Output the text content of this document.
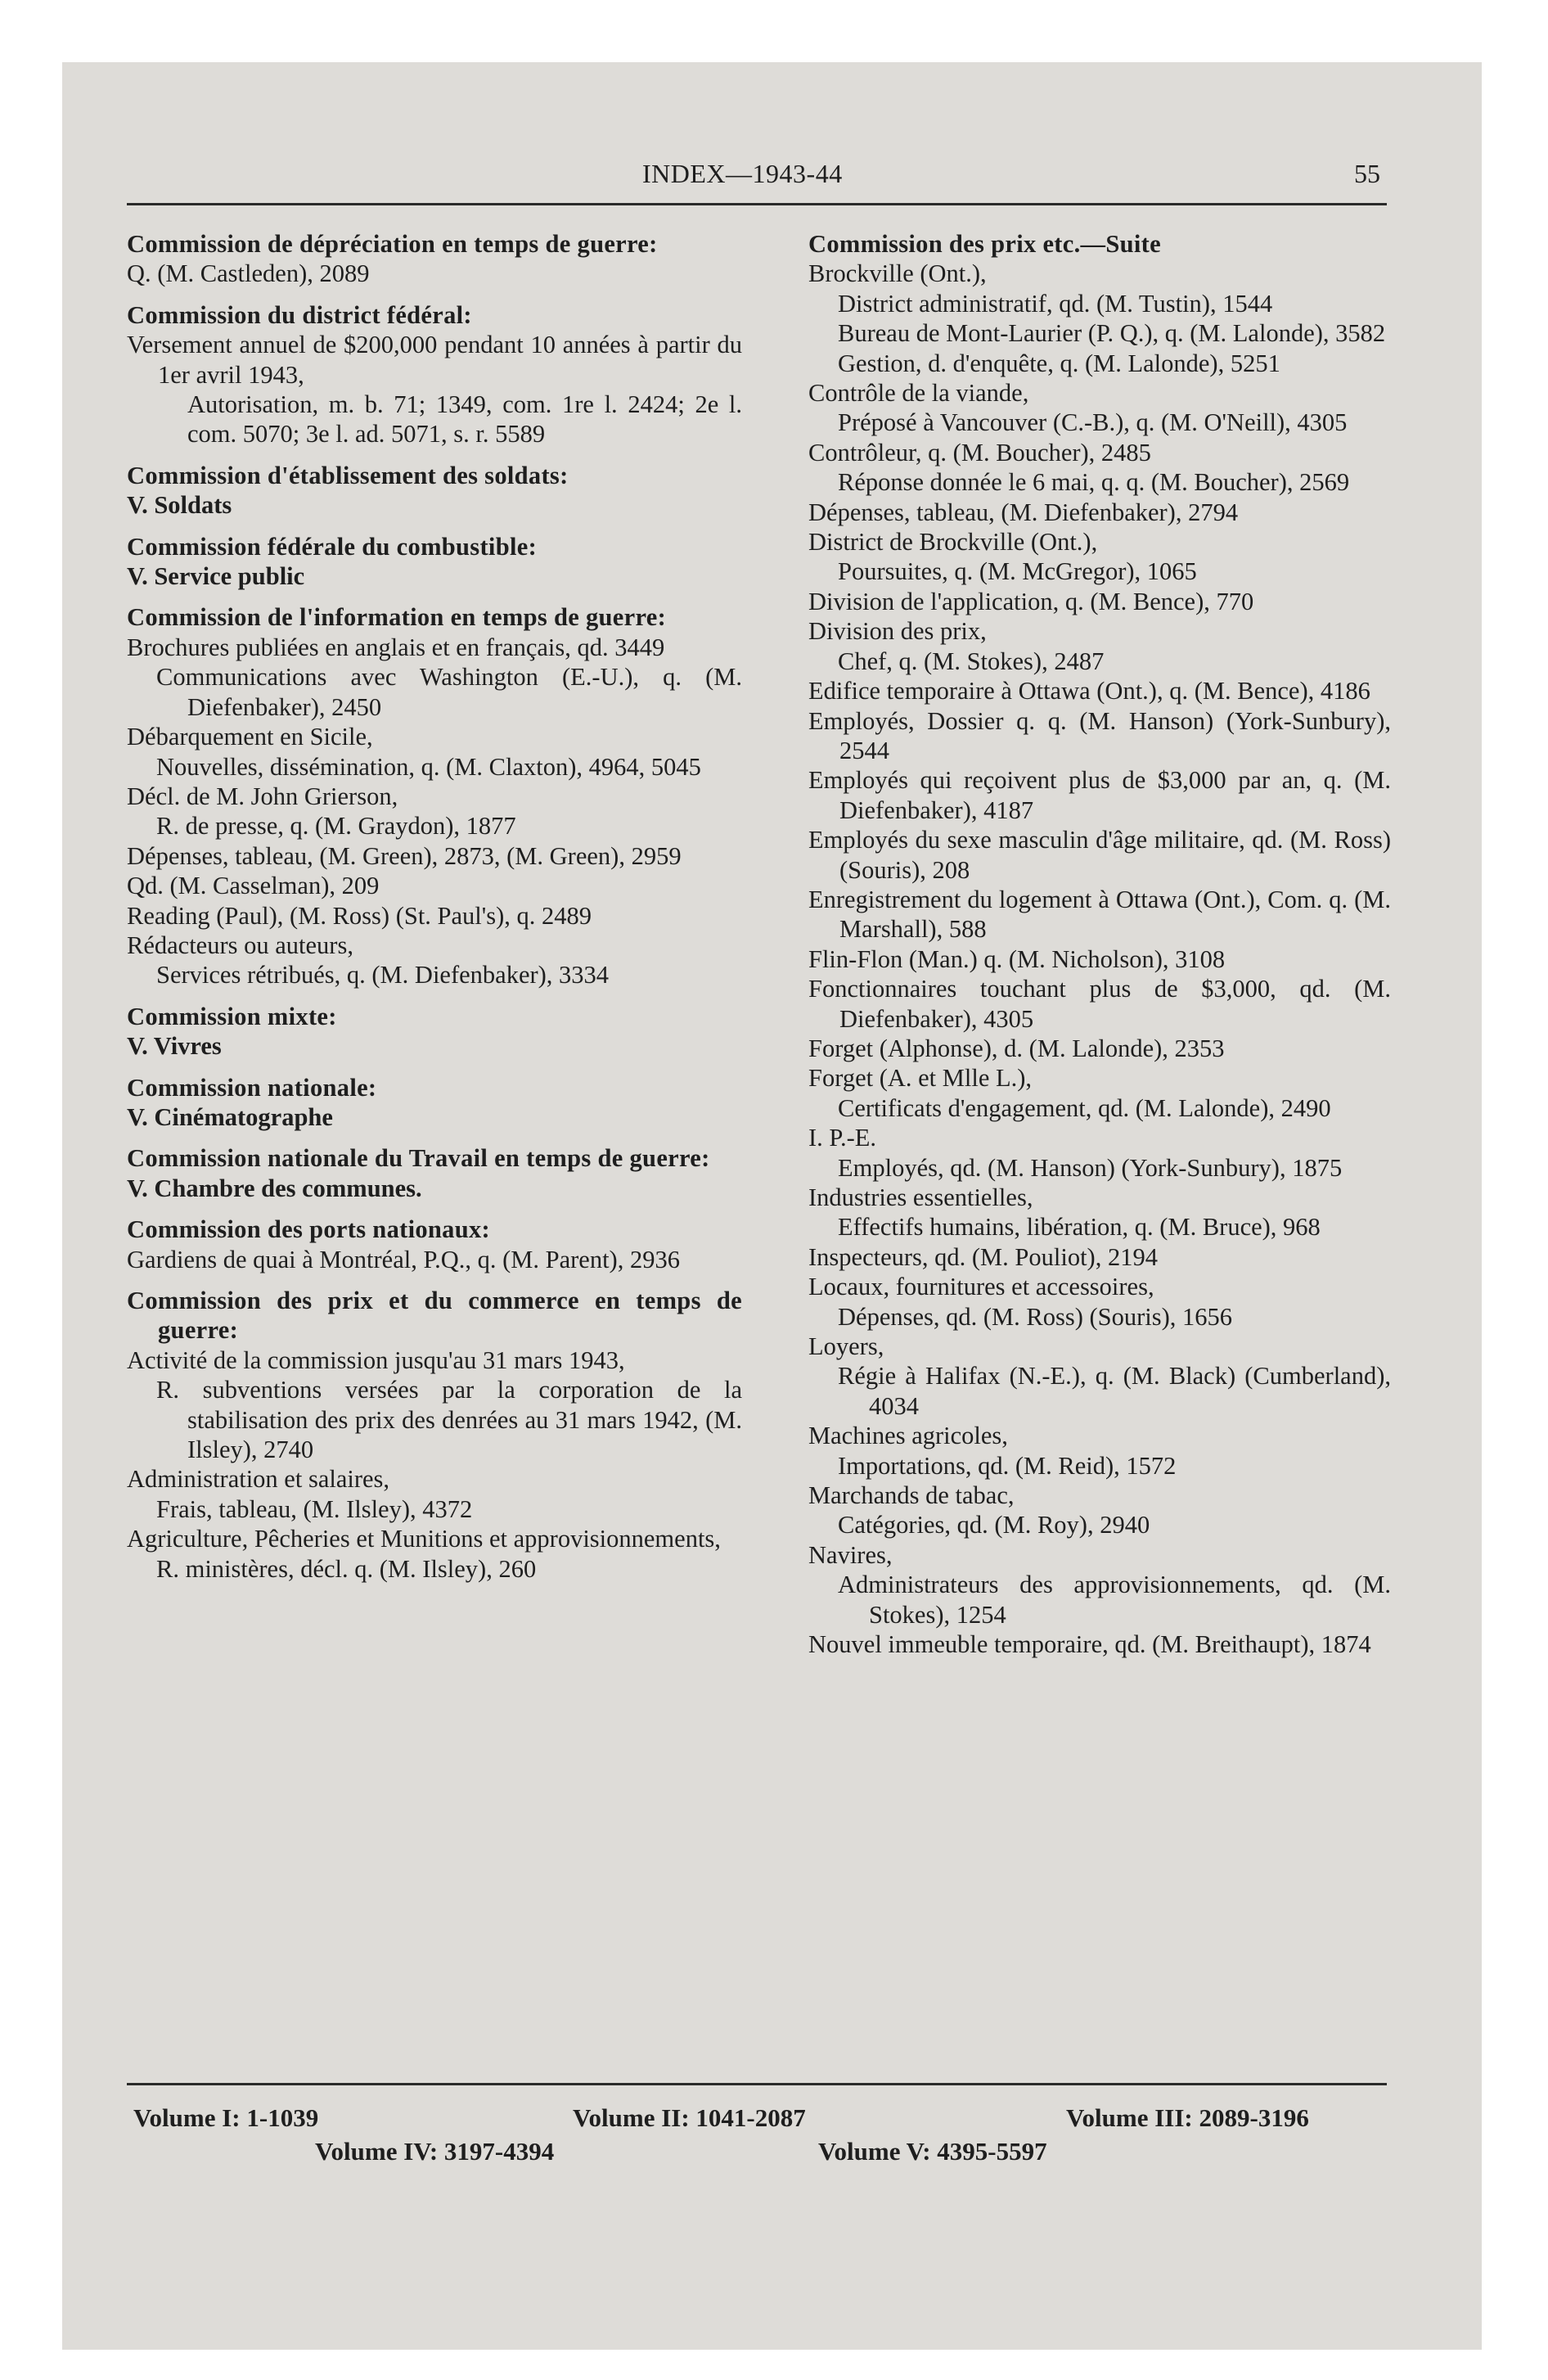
INDEX—1943-44	55
Commission de dépréciation en temps de guerre:
Q. (M. Castleden), 2089
Commission du district fédéral:
Versement annuel de $200,000 pendant 10 années à partir du 1er avril 1943,
Autorisation, m. b. 71; 1349, com. 1re l. 2424; 2e l. com. 5070; 3e l. ad. 5071, s. r. 5589
Commission d'établissement des soldats:
V. Soldats
Commission fédérale du combustible:
V. Service public
Commission de l'information en temps de guerre:
Brochures publiées en anglais et en français, qd. 3449
Communications avec Washington (E.-U.), q. (M. Diefenbaker), 2450
Débarquement en Sicile,
Nouvelles, dissémination, q. (M. Claxton), 4964, 5045
Décl. de M. John Grierson,
R. de presse, q. (M. Graydon), 1877
Dépenses, tableau, (M. Green), 2873, (M. Green), 2959
Qd. (M. Casselman), 209
Reading (Paul), (M. Ross) (St. Paul's), q. 2489
Rédacteurs ou auteurs,
Services rétribués, q. (M. Diefenbaker), 3334
Commission mixte:
V. Vivres
Commission nationale:
V. Cinématographe
Commission nationale du Travail en temps de guerre:
V. Chambre des communes.
Commission des ports nationaux:
Gardiens de quai à Montréal, P.Q., q. (M. Parent), 2936
Commission des prix et du commerce en temps de guerre:
Activité de la commission jusqu'au 31 mars 1943,
R. subventions versées par la corporation de la stabilisation des prix des denrées au 31 mars 1942, (M. Ilsley), 2740
Administration et salaires,
Frais, tableau, (M. Ilsley), 4372
Agriculture, Pêcheries et Munitions et approvisionnements,
R. ministères, décl. q. (M. Ilsley), 260
Commission des prix etc.—Suite
Brockville (Ont.),
District administratif, qd. (M. Tustin), 1544
Bureau de Mont-Laurier (P. Q.), q. (M. Lalonde), 3582
Gestion, d. d'enquête, q. (M. Lalonde), 5251
Contrôle de la viande,
Préposé à Vancouver (C.-B.), q. (M. O'Neill), 4305
Contrôleur, q. (M. Boucher), 2485
Réponse donnée le 6 mai, q. q. (M. Boucher), 2569
Dépenses, tableau, (M. Diefenbaker), 2794
District de Brockville (Ont.),
Poursuites, q. (M. McGregor), 1065
Division de l'application, q. (M. Bence), 770
Division des prix,
Chef, q. (M. Stokes), 2487
Edifice temporaire à Ottawa (Ont.), q. (M. Bence), 4186
Employés, Dossier q. q. (M. Hanson) (York-Sunbury), 2544
Employés qui reçoivent plus de $3,000 par an, q. (M. Diefenbaker), 4187
Employés du sexe masculin d'âge militaire, qd. (M. Ross) (Souris), 208
Enregistrement du logement à Ottawa (Ont.), Com. q. (M. Marshall), 588
Flin-Flon (Man.) q. (M. Nicholson), 3108
Fonctionnaires touchant plus de $3,000, qd. (M. Diefenbaker), 4305
Forget (Alphonse), d. (M. Lalonde), 2353
Forget (A. et Mlle L.),
Certificats d'engagement, qd. (M. Lalonde), 2490
I. P.-E.
Employés, qd. (M. Hanson) (York-Sunbury), 1875
Industries essentielles,
Effectifs humains, libération, q. (M. Bruce), 968
Inspecteurs, qd. (M. Pouliot), 2194
Locaux, fournitures et accessoires,
Dépenses, qd. (M. Ross) (Souris), 1656
Loyers,
Régie à Halifax (N.-E.), q. (M. Black) (Cumberland), 4034
Machines agricoles,
Importations, qd. (M. Reid), 1572
Marchands de tabac,
Catégories, qd. (M. Roy), 2940
Navires,
Administrateurs des approvisionnements, qd. (M. Stokes), 1254
Nouvel immeuble temporaire, qd. (M. Breithaupt), 1874
Volume I: 1-1039	Volume II: 1041-2087	Volume III: 2089-3196
Volume IV: 3197-4394	Volume V: 4395-5597
